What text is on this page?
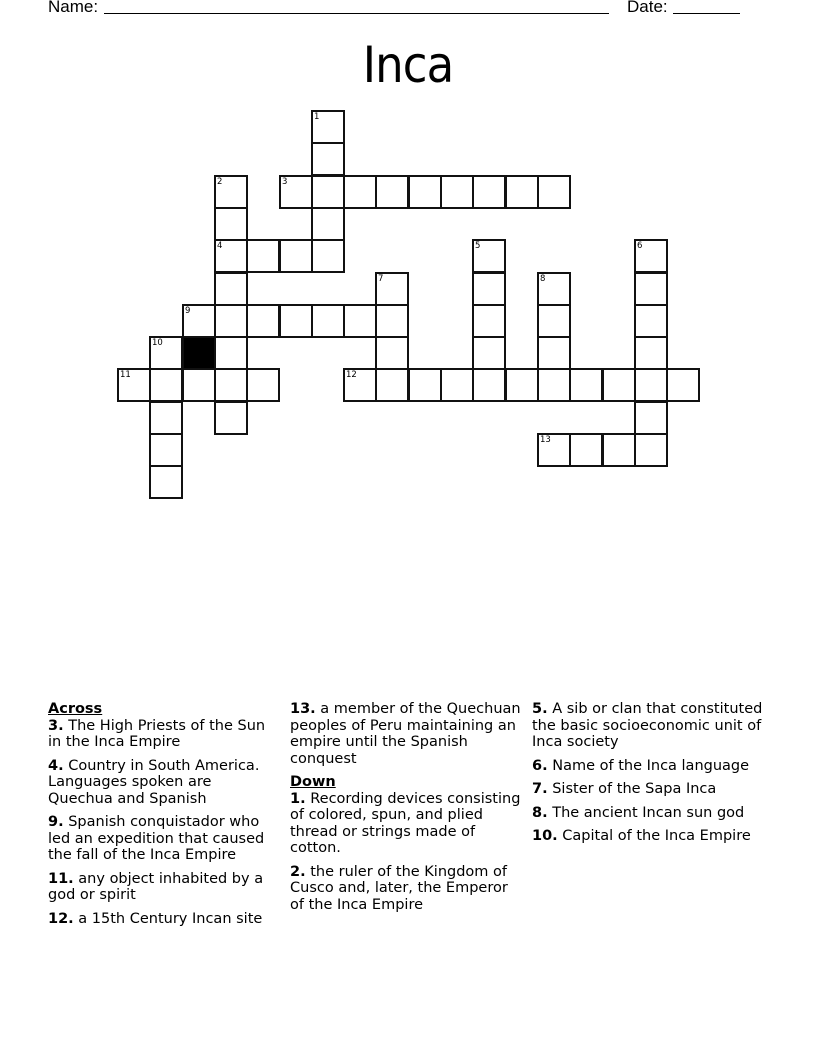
Name:	Date:
Inca
1
2	3
4	5	6
7	8
9
10
11	12
13
Across
3. The High Priests of the Sun in the Inca Empire
4. Country in South America. Languages spoken are Quechua and Spanish
9. Spanish conquistador who led an expedition that caused the fall of the Inca Empire
11. any object inhabited by a god or spirit
12. a 15th Century Incan site
13. a member of the Quechuan peoples of Peru maintaining an empire until the Spanish conquest
Down
1. Recording devices consisting of colored, spun, and plied thread or strings made of cotton.
2. the ruler of the Kingdom of Cusco and, later, the Emperor of the Inca Empire
5. A sib or clan that constituted the basic socioeconomic unit of Inca society
6. Name of the Inca language
7. Sister of the Sapa Inca
8. The ancient Incan sun god
10. Capital of the Inca Empire
